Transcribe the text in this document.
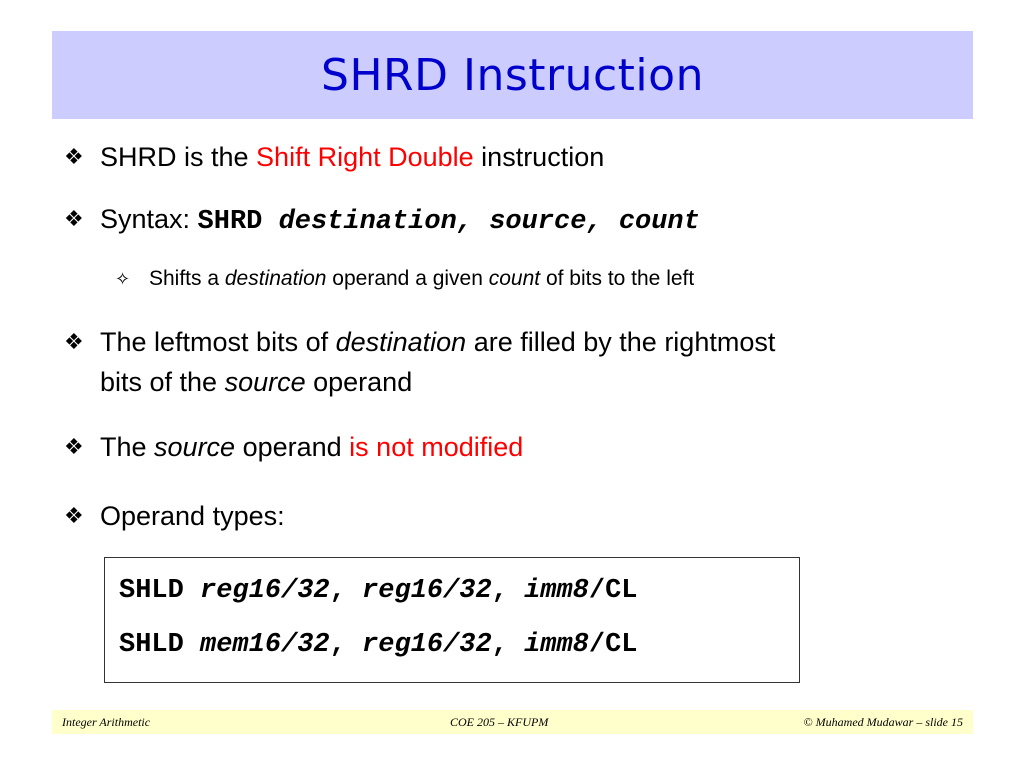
SHRD Instruction
❖ SHRD is the Shift Right Double instruction
❖ Syntax: SHRD destination, source, count
✧ Shifts a destination operand a given count of bits to the left
❖ The leftmost bits of destination are filled by the rightmost
bits of the source operand
❖ The source operand is not modified
❖ Operand types:
SHLD reg16/32, reg16/32, imm8/CL
SHLD mem16/32, reg16/32, imm8/CL
Integer Arithmetic	COE 205 – KFUPM	© Muhamed Mudawar – slide 15
